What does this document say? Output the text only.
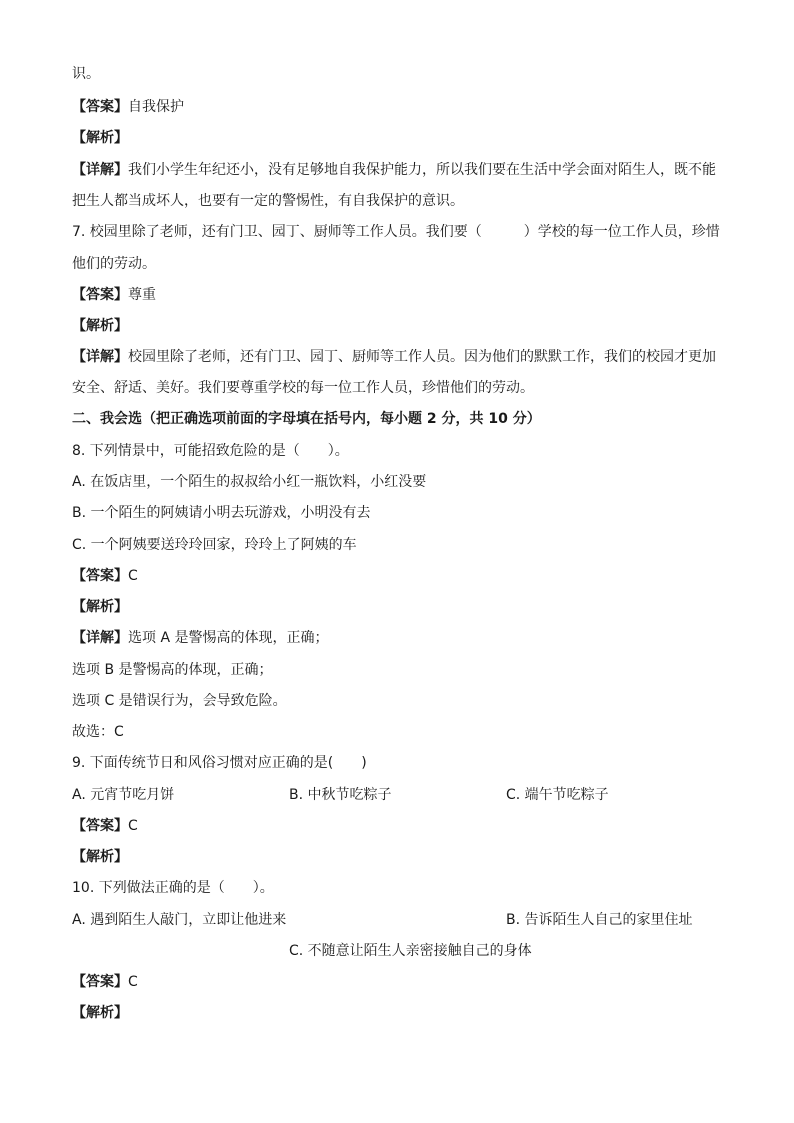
识。
【答案】自我保护
【解析】
【详解】我们小学生年纪还小，没有足够地自我保护能力，所以我们要在生活中学会面对陌生人，既不能
把生人都当成坏人，也要有一定的警惕性，有自我保护的意识。
7. 校园里除了老师，还有门卫、园丁、厨师等工作人员。我们要（　　　）学校的每一位工作人员，珍惜
他们的劳动。
【答案】尊重
【解析】
【详解】校园里除了老师，还有门卫、园丁、厨师等工作人员。因为他们的默默工作，我们的校园才更加
安全、舒适、美好。我们要尊重学校的每一位工作人员，珍惜他们的劳动。
二、我会选（把正确选项前面的字母填在括号内，每小题 2 分，共 10 分）
8. 下列情景中，可能招致危险的是（　　）。
A. 在饭店里，一个陌生的叔叔给小红一瓶饮料，小红没要
B. 一个陌生的阿姨请小明去玩游戏，小明没有去
C. 一个阿姨要送玲玲回家，玲玲上了阿姨的车
【答案】C
【解析】
【详解】选项 A 是警惕高的体现，正确；
选项 B 是警惕高的体现，正确；
选项 C 是错误行为，会导致危险。
故选：C
9. 下面传统节日和风俗习惯对应正确的是(　　)
A. 元宵节吃月饼	B. 中秋节吃粽子	C. 端午节吃粽子
【答案】C
【解析】
10. 下列做法正确的是（　　）。
A. 遇到陌生人敲门，立即让他进来	B. 告诉陌生人自己的家里住址
C. 不随意让陌生人亲密接触自己的身体
【答案】C
【解析】
